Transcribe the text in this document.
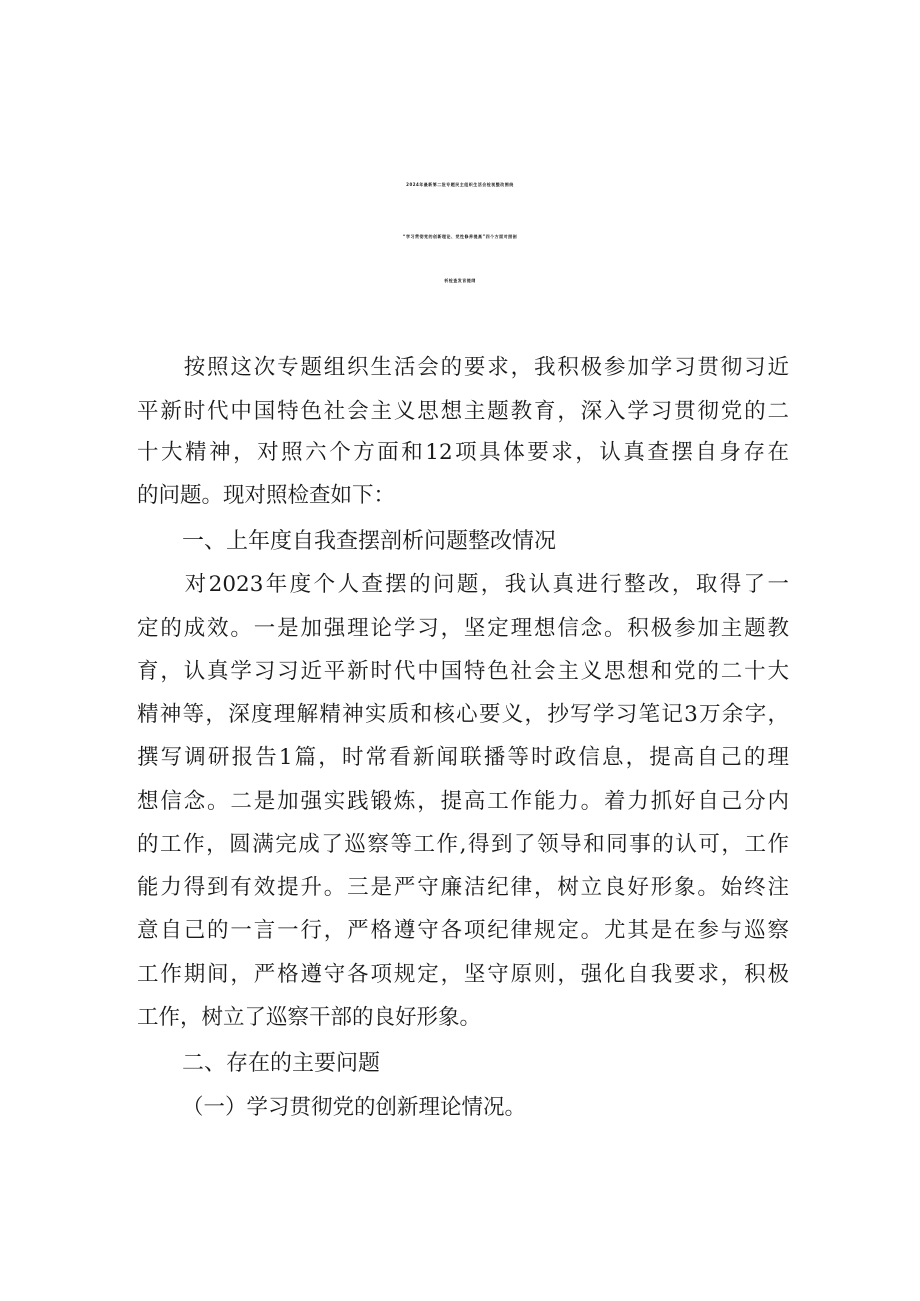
2024年最新第二批专题民主组织生活会检视整改围绕
“学习贯彻党的创新理论、党性修养提高”四个方面对照剖
析检查发言提纲
　　按照这次专题组织生活会的要求，我积极参加学习贯彻习近
平新时代中国特色社会主义思想主题教育，深入学习贯彻党的二
十大精神，对照六个方面和12项具体要求，认真查摆自身存在
的问题。现对照检查如下：
一、上年度自我查摆剖析问题整改情况
　　对2023年度个人查摆的问题，我认真进行整改，取得了一
定的成效。一是加强理论学习，坚定理想信念。积极参加主题教
育，认真学习习近平新时代中国特色社会主义思想和党的二十大
精神等，深度理解精神实质和核心要义，抄写学习笔记3万余字，
撰写调研报告1篇，时常看新闻联播等时政信息，提高自己的理
想信念。二是加强实践锻炼，提高工作能力。着力抓好自己分内
的工作，圆满完成了巡察等工作,得到了领导和同事的认可，工作
能力得到有效提升。三是严守廉洁纪律，树立良好形象。始终注
意自己的一言一行，严格遵守各项纪律规定。尤其是在参与巡察
工作期间，严格遵守各项规定，坚守原则，强化自我要求，积极
工作，树立了巡察干部的良好形象。
二、存在的主要问题
（一）学习贯彻党的创新理论情况。
